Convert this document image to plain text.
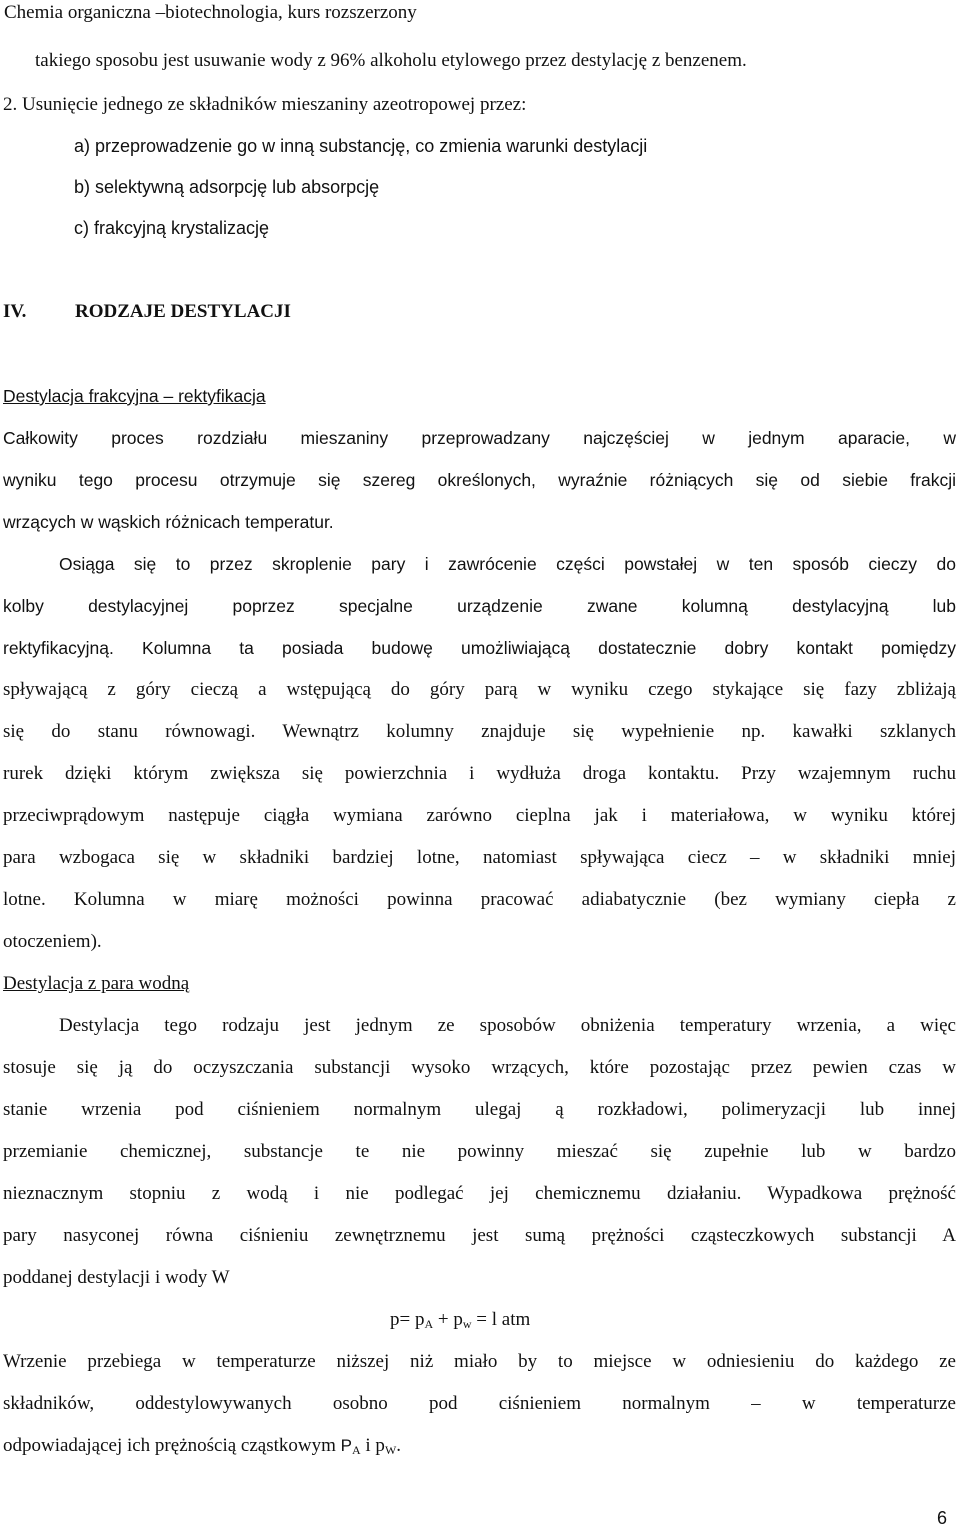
Chemia organiczna –biotechnologia, kurs rozszerzony
takiego sposobu jest usuwanie wody z 96% alkoholu etylowego przez destylację z benzenem.
2. Usunięcie jednego ze składników mieszaniny azeotropowej przez:
a) przeprowadzenie go w inną substancję, co zmienia warunki destylacji
b) selektywną adsorpcję lub absorpcję
c) frakcyjną krystalizację
IV.	RODZAJE DESTYLACJI
Destylacja frakcyjna – rektyfikacja
Całkowity proces rozdziału mieszaniny przeprowadzany najczęściej w jednym aparacie, w
wyniku tego procesu otrzymuje się szereg określonych, wyraźnie różniących się od siebie frakcji
wrzących w wąskich różnicach temperatur.
Osiąga się to przez skroplenie pary i zawrócenie części powstałej w ten sposób cieczy do
kolby destylacyjnej poprzez specjalne urządzenie zwane kolumną destylacyjną lub
rektyfikacyjną. Kolumna ta posiada budowę umożliwiającą dostatecznie dobry kontakt pomiędzy
spływającą z góry cieczą a wstępującą do góry parą w wyniku czego stykające się fazy zbliżają
się do stanu równowagi. Wewnątrz kolumny znajduje się wypełnienie np. kawałki szklanych
rurek dzięki którym zwiększa się powierzchnia i wydłuża droga kontaktu. Przy wzajemnym ruchu
przeciwprądowym następuje ciągła wymiana zarówno cieplna jak i materiałowa, w wyniku której
para wzbogaca się w składniki bardziej lotne, natomiast spływająca ciecz – w składniki mniej
lotne. Kolumna w miarę możności powinna pracować adiabatycznie (bez wymiany ciepła z
otoczeniem).
Destylacja z para wodną
Destylacja tego rodzaju jest jednym ze sposobów obniżenia temperatury wrzenia, a więc
stosuje się ją do oczyszczania substancji wysoko wrzących, które pozostając przez pewien czas w
stanie wrzenia pod ciśnieniem normalnym ulegaj ą rozkładowi, polimeryzacji lub innej
przemianie chemicznej, substancje te nie powinny mieszać się zupełnie lub w bardzo
nieznacznym stopniu z wodą i nie podlegać jej chemicznemu działaniu. Wypadkowa prężność
pary nasyconej równa ciśnieniu zewnętrznemu jest sumą prężności cząsteczkowych substancji A
poddanej destylacji i wody W
$p= p_A + p_w = l$ atm
Wrzenie przebiega w temperaturze niższej niż miało by to miejsce w odniesieniu do każdego ze
składników, oddestylowywanych osobno pod ciśnieniem normalnym – w temperaturze
odpowiadającej ich prężnością cząstkowym $P_A$ i $p_W$.
6
